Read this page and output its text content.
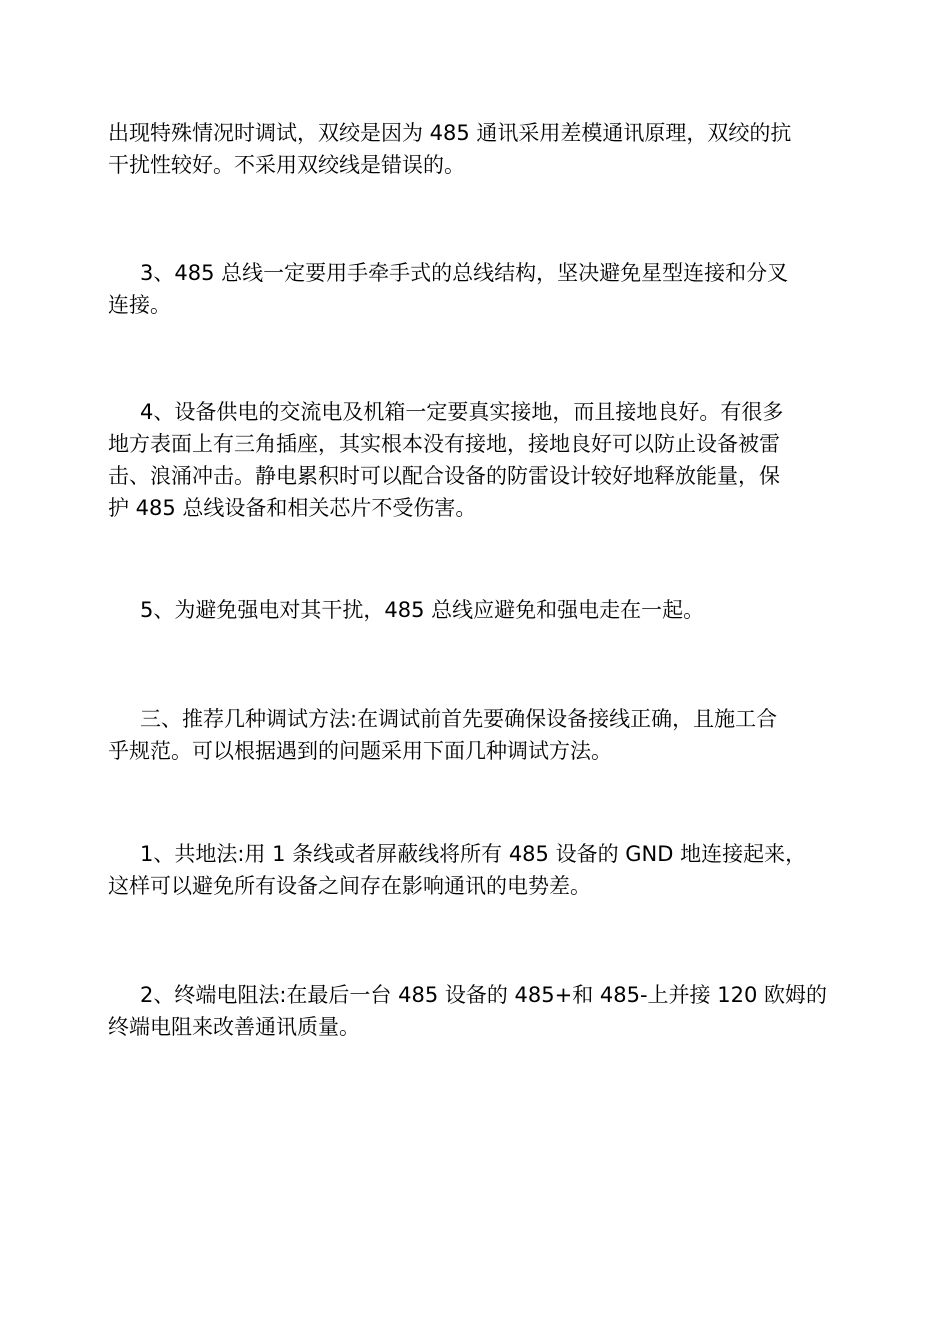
出现特殊情况时调试，双绞是因为 485 通讯采用差模通讯原理，双绞的抗
干扰性较好。不采用双绞线是错误的。
3、485 总线一定要用手牵手式的总线结构，坚决避免星型连接和分叉
连接。
4、设备供电的交流电及机箱一定要真实接地，而且接地良好。有很多
地方表面上有三角插座，其实根本没有接地，接地良好可以防止设备被雷
击、浪涌冲击。静电累积时可以配合设备的防雷设计较好地释放能量，保
护 485 总线设备和相关芯片不受伤害。
5、为避免强电对其干扰，485 总线应避免和强电走在一起。
三、推荐几种调试方法:在调试前首先要确保设备接线正确，且施工合
乎规范。可以根据遇到的问题采用下面几种调试方法。
1、共地法:用 1 条线或者屏蔽线将所有 485 设备的 GND 地连接起来，
这样可以避免所有设备之间存在影响通讯的电势差。
2、终端电阻法:在最后一台 485 设备的 485+和 485-上并接 120 欧姆的
终端电阻来改善通讯质量。
